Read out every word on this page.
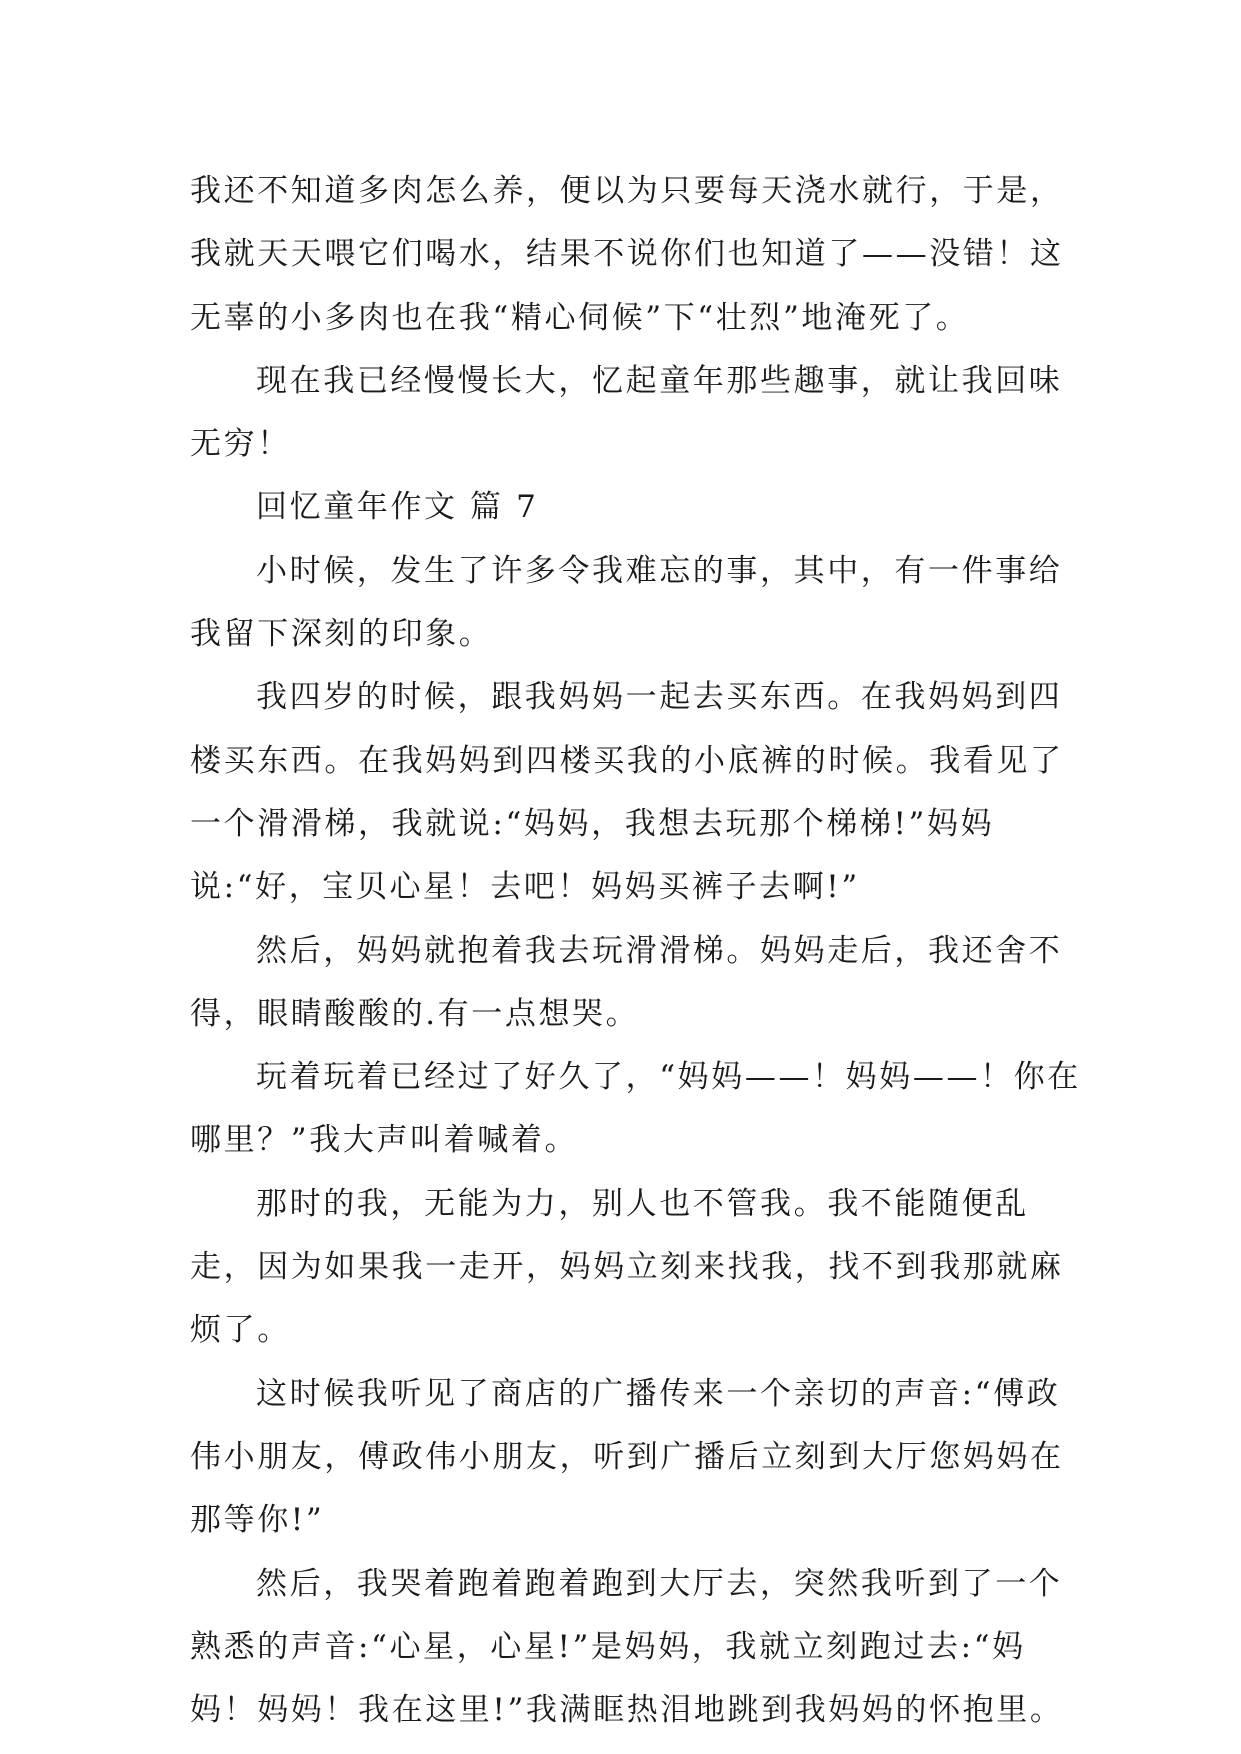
我还不知道多肉怎么养，便以为只要每天浇水就行，于是，我就天天喂它们喝水，结果不说你们也知道了——没错！这无辜的小多肉也在我“精心伺候”下“壮烈”地淹死了。

现在我已经慢慢长大，忆起童年那些趣事，就让我回味无穷！

回忆童年作文 篇 7

小时候，发生了许多令我难忘的事，其中，有一件事给我留下深刻的印象。

我四岁的时候，跟我妈妈一起去买东西。在我妈妈到四楼买东西。在我妈妈到四楼买我的小底裤的时候。我看见了一个滑滑梯，我就说:“妈妈，我想去玩那个梯梯!”妈妈说:“好，宝贝心星！去吧！妈妈买裤子去啊!”

然后，妈妈就抱着我去玩滑滑梯。妈妈走后，我还舍不得，眼睛酸酸的.有一点想哭。

玩着玩着已经过了好久了，“妈妈——！妈妈——！你在哪里？”我大声叫着喊着。

那时的我，无能为力，别人也不管我。我不能随便乱走，因为如果我一走开，妈妈立刻来找我，找不到我那就麻烦了。

这时候我听见了商店的广播传来一个亲切的声音:“傅政伟小朋友，傅政伟小朋友，听到广播后立刻到大厅您妈妈在那等你!”

然后，我哭着跑着跑着跑到大厅去，突然我听到了一个熟悉的声音:“心星，心星!”是妈妈，我就立刻跑过去:“妈妈！妈妈！我在这里!”我满眶热泪地跳到我妈妈的怀抱里。
